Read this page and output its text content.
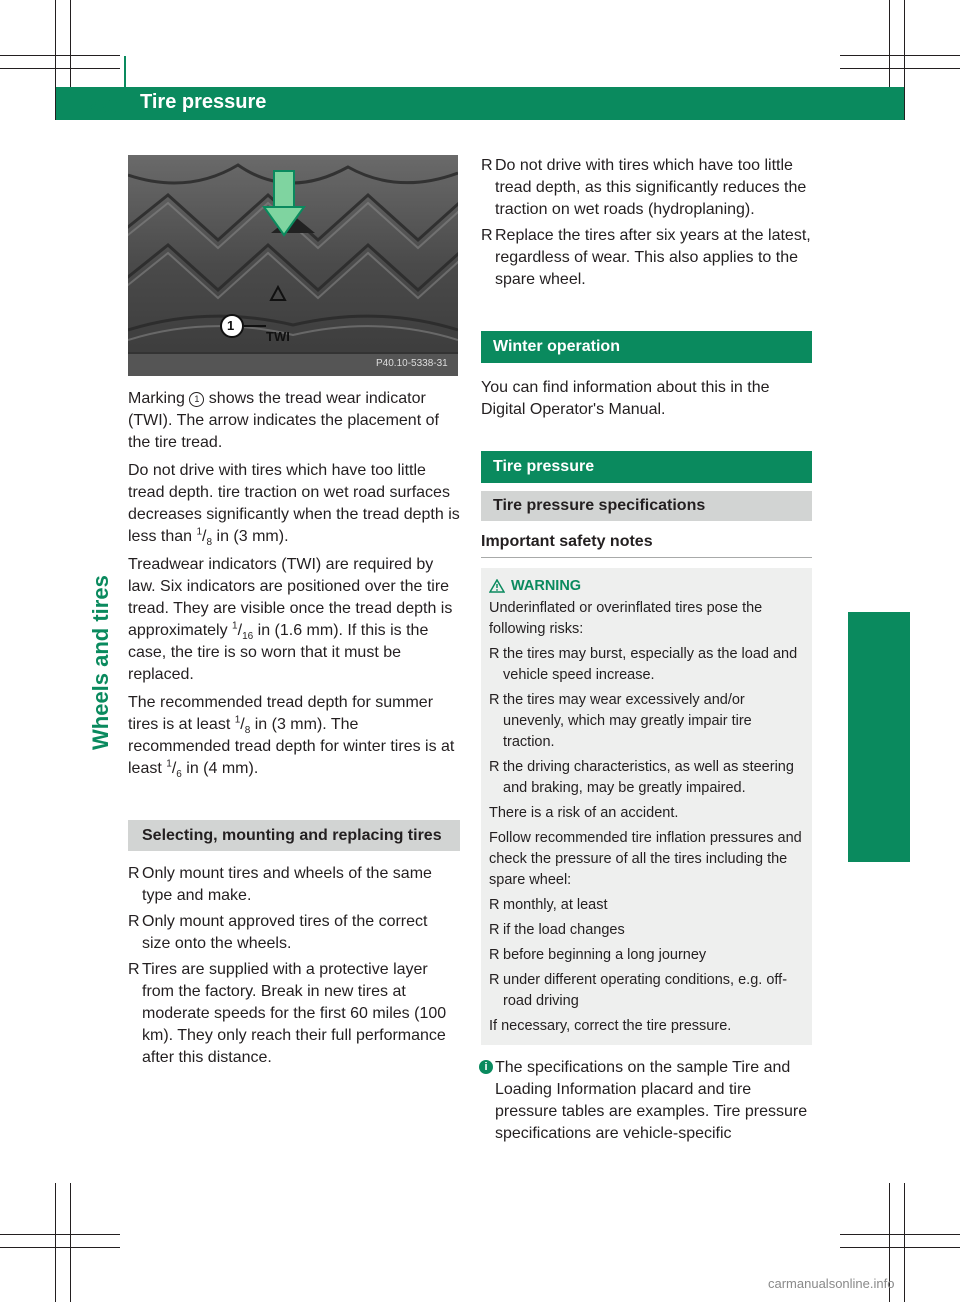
230 Tire pressure
Wheels and tires
1
TWI
P40.10-5338-31

Marking 1 shows the tread wear indicator (TWI). The arrow indicates the placement of the tire tread.

Do not drive with tires which have too little tread depth. tire traction on wet road surfaces decreases significantly when the tread depth is less than $^1/_8$ in (3 mm).

Treadwear indicators (TWI) are required by law. Six indicators are positioned over the tire tread. They are visible once the tread depth is approximately $^1/_{16}$ in (1.6 mm). If this is the case, the tire is so worn that it must be replaced.

The recommended tread depth for summer tires is at least $^1/_8$ in (3 mm). The recommended tread depth for winter tires is at least $^1/_6$ in (4 mm).

Selecting, mounting and replacing tires
R Only mount tires and wheels of the same type and make.
R Only mount approved tires of the correct size onto the wheels.
R Tires are supplied with a protective layer from the factory. Break in new tires at moderate speeds for the first 60 miles (100 km). They only reach their full performance after this distance.
R Do not drive with tires which have too little tread depth, as this significantly reduces the traction on wet roads (hydroplaning).
R Replace the tires after six years at the latest, regardless of wear. This also applies to the spare wheel.
Winter operation

You can find information about this in the Digital Operator's Manual.

Tire pressure
Tire pressure specifications
Important safety notes
WARNING

Underinflated or overinflated tires pose the following risks:

R the tires may burst, especially as the load and vehicle speed increase.
R the tires may wear excessively and/or unevenly, which may greatly impair tire traction.
R the driving characteristics, as well as steering and braking, may be greatly impaired.

There is a risk of an accident.

Follow recommended tire inflation pressures and check the pressure of all the tires including the spare wheel:

R monthly, at least
R if the load changes
R before beginning a long journey
R under different operating conditions, e.g. off-road driving

If necessary, correct the tire pressure.

i The specifications on the sample Tire and Loading Information placard and tire pressure tables are examples. Tire pressure specifications are vehicle-specific
carmanualsonline.info
